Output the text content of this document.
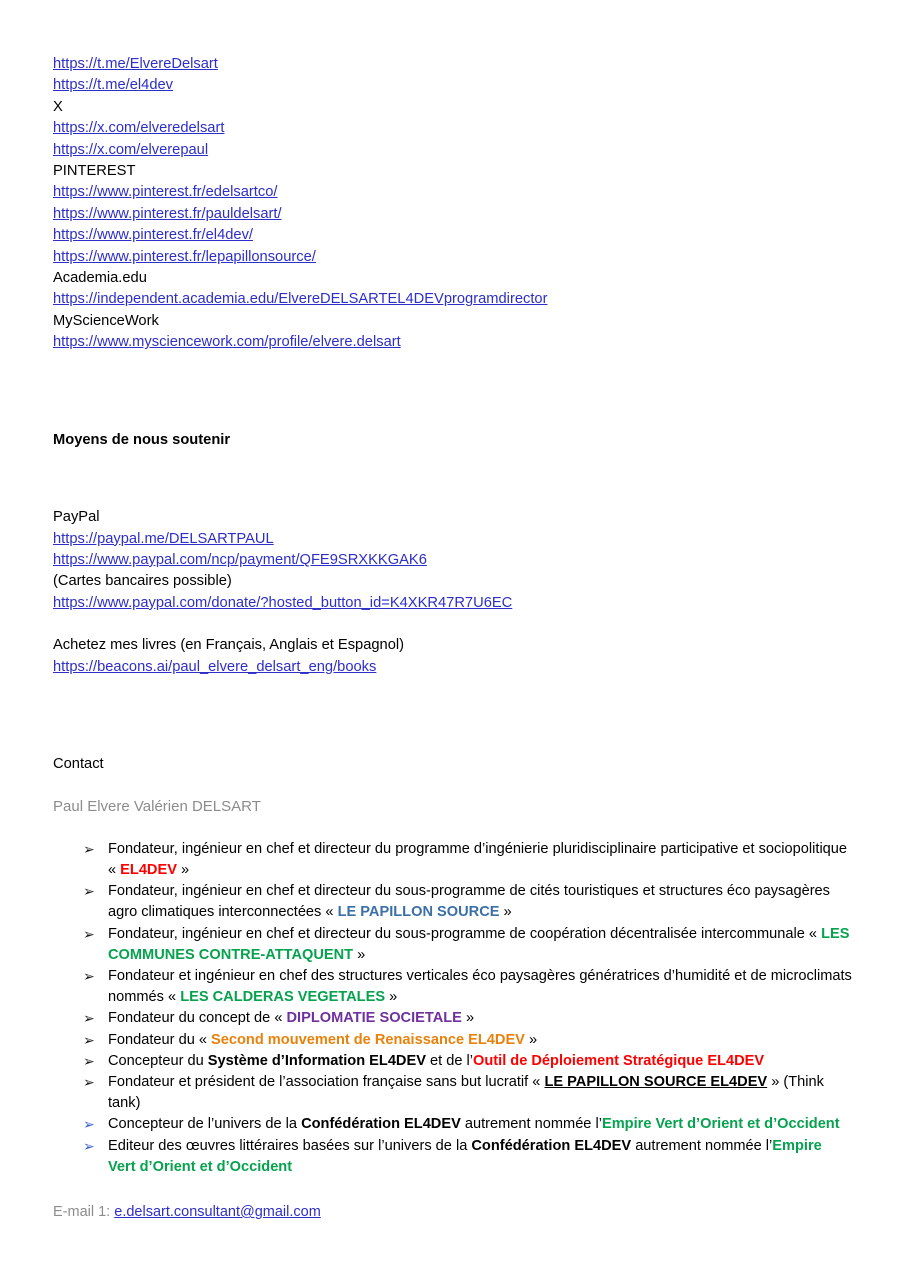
https://t.me/ElvereDelsart
https://t.me/el4dev
X
https://x.com/elveredelsart
https://x.com/elverepaul
PINTEREST
https://www.pinterest.fr/edelsartco/
https://www.pinterest.fr/pauldelsart/
https://www.pinterest.fr/el4dev/
https://www.pinterest.fr/lepapillonsource/
Academia.edu
https://independent.academia.edu/ElvereDELSARTEL4DEVprogramdirector
MyScienceWork
https://www.mysciencework.com/profile/elvere.delsart
Moyens de nous soutenir
PayPal
https://paypal.me/DELSARTPAUL
https://www.paypal.com/ncp/payment/QFE9SRXKKGAK6
(Cartes bancaires possible)
https://www.paypal.com/donate/?hosted_button_id=K4XKR47R7U6EC
Achetez mes livres (en Français, Anglais et Espagnol)
https://beacons.ai/paul_elvere_delsart_eng/books
Contact
Paul Elvere Valérien DELSART
➢ Fondateur, ingénieur en chef et directeur du programme d’ingénierie pluridisciplinaire participative et sociopolitique « EL4DEV »
➢ Fondateur, ingénieur en chef et directeur du sous-programme de cités touristiques et structures éco paysagères agro climatiques interconnectées « LE PAPILLON SOURCE »
➢ Fondateur, ingénieur en chef et directeur du sous-programme de coopération décentralisée intercommunale « LES COMMUNES CONTRE-ATTAQUENT »
➢ Fondateur et ingénieur en chef des structures verticales éco paysagères génératrices d’humidité et de microclimats nommés « LES CALDERAS VEGETALES »
➢ Fondateur du concept de « DIPLOMATIE SOCIETALE »
➢ Fondateur du « Second mouvement de Renaissance EL4DEV »
➢ Concepteur du Système d’Information EL4DEV et de l’Outil de Déploiement Stratégique EL4DEV
➢ Fondateur et président de l’association française sans but lucratif « LE PAPILLON SOURCE EL4DEV » (Think tank)
➢ Concepteur de l’univers de la Confédération EL4DEV autrement nommée l’Empire Vert d’Orient et d’Occident
➢ Editeur des œuvres littéraires basées sur l’univers de la Confédération EL4DEV autrement nommée l’Empire Vert d’Orient et d’Occident
E-mail 1: e.delsart.consultant@gmail.com
